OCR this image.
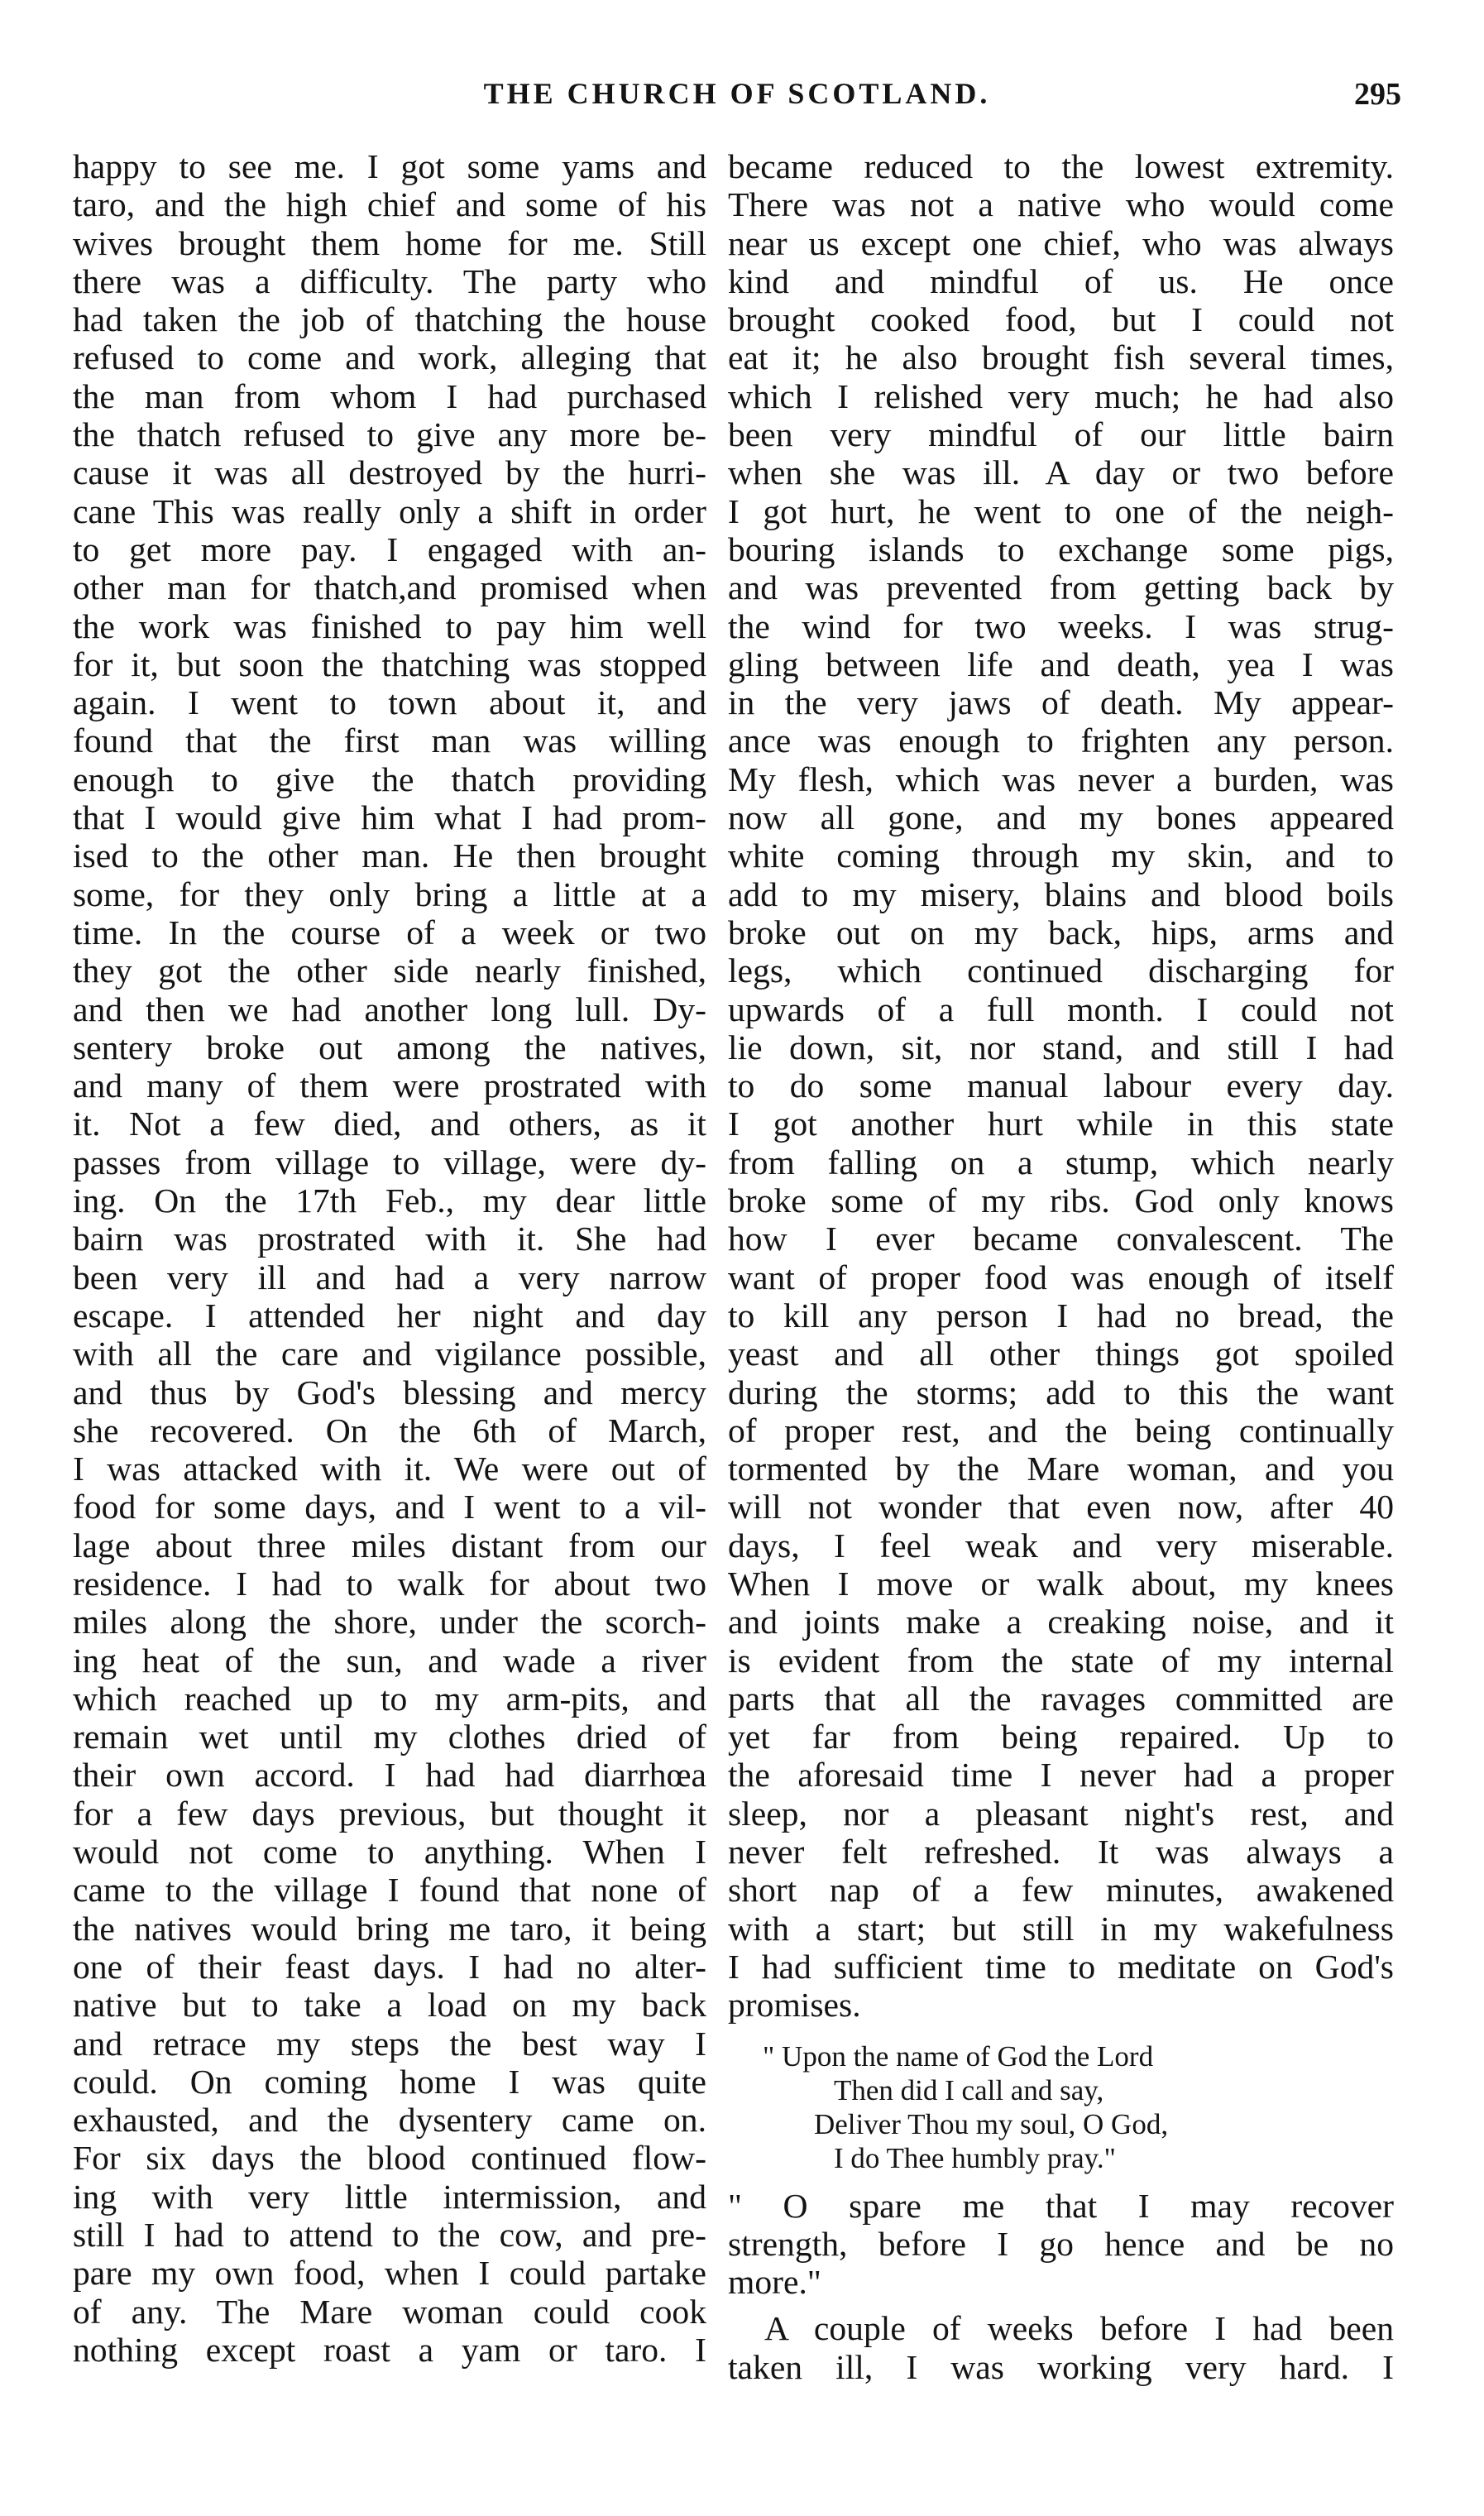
THE CHURCH OF SCOTLAND.	295
happy to see me. I got some yams and
taro, and the high chief and some of his
wives brought them home for me. Still
there was a difficulty. The party who
had taken the job of thatching the house
refused to come and work, alleging that
the man from whom I had purchased
the thatch refused to give any more be-
cause it was all destroyed by the hurri-
cane This was really only a shift in order
to get more pay. I engaged with an-
other man for thatch,and promised when
the work was finished to pay him well
for it, but soon the thatching was stopped
again. I went to town about it, and
found that the first man was willing
enough to give the thatch providing
that I would give him what I had prom-
ised to the other man. He then brought
some, for they only bring a little at a
time. In the course of a week or two
they got the other side nearly finished,
and then we had another long lull. Dy-
sentery broke out among the natives,
and many of them were prostrated with
it. Not a few died, and others, as it
passes from village to village, were dy-
ing. On the 17th Feb., my dear little
bairn was prostrated with it. She had
been very ill and had a very narrow
escape. I attended her night and day
with all the care and vigilance possible,
and thus by God's blessing and mercy
she recovered. On the 6th of March,
I was attacked with it. We were out of
food for some days, and I went to a vil-
lage about three miles distant from our
residence. I had to walk for about two
miles along the shore, under the scorch-
ing heat of the sun, and wade a river
which reached up to my arm-pits, and
remain wet until my clothes dried of
their own accord. I had had diarrhœa
for a few days previous, but thought it
would not come to anything. When I
came to the village I found that none of
the natives would bring me taro, it being
one of their feast days. I had no alter-
native but to take a load on my back
and retrace my steps the best way I
could. On coming home I was quite
exhausted, and the dysentery came on.
For six days the blood continued flow-
ing with very little intermission, and
still I had to attend to the cow, and pre-
pare my own food, when I could partake
of any. The Mare woman could cook
nothing except roast a yam or taro. I
became reduced to the lowest extremity.
There was not a native who would come
near us except one chief, who was always
kind and mindful of us. He once
brought cooked food, but I could not
eat it; he also brought fish several times,
which I relished very much; he had also
been very mindful of our little bairn
when she was ill. A day or two before
I got hurt, he went to one of the neigh-
bouring islands to exchange some pigs,
and was prevented from getting back by
the wind for two weeks. I was strug-
gling between life and death, yea I was
in the very jaws of death. My appear-
ance was enough to frighten any person.
My flesh, which was never a burden, was
now all gone, and my bones appeared
white coming through my skin, and to
add to my misery, blains and blood boils
broke out on my back, hips, arms and
legs, which continued discharging for
upwards of a full month. I could not
lie down, sit, nor stand, and still I had
to do some manual labour every day.
I got another hurt while in this state
from falling on a stump, which nearly
broke some of my ribs. God only knows
how I ever became convalescent. The
want of proper food was enough of itself
to kill any person I had no bread, the
yeast and all other things got spoiled
during the storms; add to this the want
of proper rest, and the being continually
tormented by the Mare woman, and you
will not wonder that even now, after 40
days, I feel weak and very miserable.
When I move or walk about, my knees
and joints make a creaking noise, and it
is evident from the state of my internal
parts that all the ravages committed are
yet far from being repaired. Up to
the aforesaid time I never had a proper
sleep, nor a pleasant night's rest, and
never felt refreshed. It was always a
short nap of a few minutes, awakened
with a start; but still in my wakefulness
I had sufficient time to meditate on God's
promises.
" Upon the name of God the Lord
Then did I call and say,
Deliver Thou my soul, O God,
I do Thee humbly pray."
" O spare me that I may recover
strength, before I go hence and be no
more."
A couple of weeks before I had been
taken ill, I was working very hard. I
